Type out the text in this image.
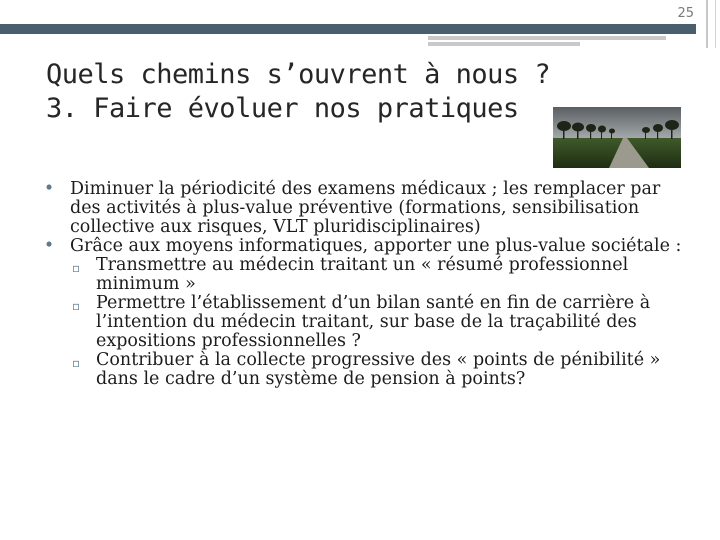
25
Quels chemins s’ouvrent à nous ?
3. Faire évoluer nos pratiques
• Diminuer la périodicité des examens médicaux ; les remplacer par des activités à plus-value préventive (formations, sensibilisation collective aux risques, VLT pluridisciplinaires)
• Grâce aux moyens informatiques, apporter une plus-value sociétale :
▫ Transmettre au médecin traitant un « résumé professionnel minimum »
▫ Permettre l’établissement d’un bilan santé en fin de carrière à l’intention du médecin traitant, sur base de la traçabilité des expositions professionnelles ?
▫ Contribuer à la collecte progressive des « points de pénibilité » dans le cadre d’un système de pension à points?
